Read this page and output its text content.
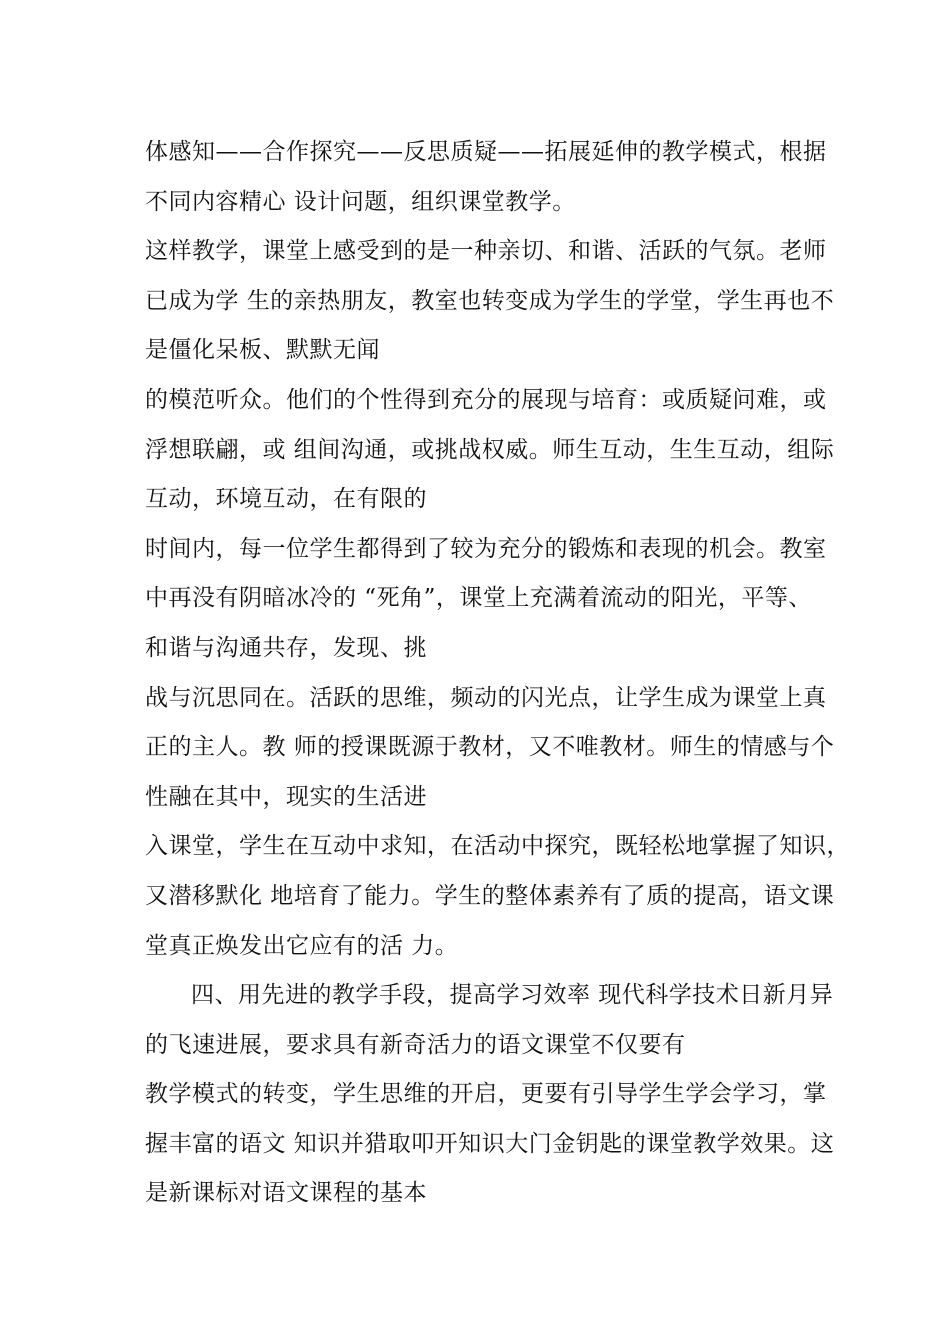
体感知——合作探究——反思质疑——拓展延伸的教学模式，根据
不同内容精心 设计问题，组织课堂教学。
这样教学，课堂上感受到的是一种亲切、和谐、活跃的气氛。老师
已成为学 生的亲热朋友，教室也转变成为学生的学堂，学生再也不
是僵化呆板、默默无闻
的模范听众。他们的个性得到充分的展现与培育：或质疑问难，或
浮想联翩，或 组间沟通，或挑战权威。师生互动，生生互动，组际
互动，环境互动，在有限的
时间内，每一位学生都得到了较为充分的锻炼和表现的机会。教室
中再没有阴暗冰冷的 “死角”，课堂上充满着流动的阳光，平等、
和谐与沟通共存，发现、挑
战与沉思同在。活跃的思维，频动的闪光点，让学生成为课堂上真
正的主人。教 师的授课既源于教材，又不唯教材。师生的情感与个
性融在其中，现实的生活进
入课堂，学生在互动中求知，在活动中探究，既轻松地掌握了知识，
又潜移默化 地培育了能力。学生的整体素养有了质的提高，语文课
堂真正焕发出它应有的活 力。
四、用先进的教学手段，提高学习效率 现代科学技术日新月异
的飞速进展，要求具有新奇活力的语文课堂不仅要有
教学模式的转变，学生思维的开启，更要有引导学生学会学习，掌
握丰富的语文 知识并猎取叩开知识大门金钥匙的课堂教学效果。这
是新课标对语文课程的基本
